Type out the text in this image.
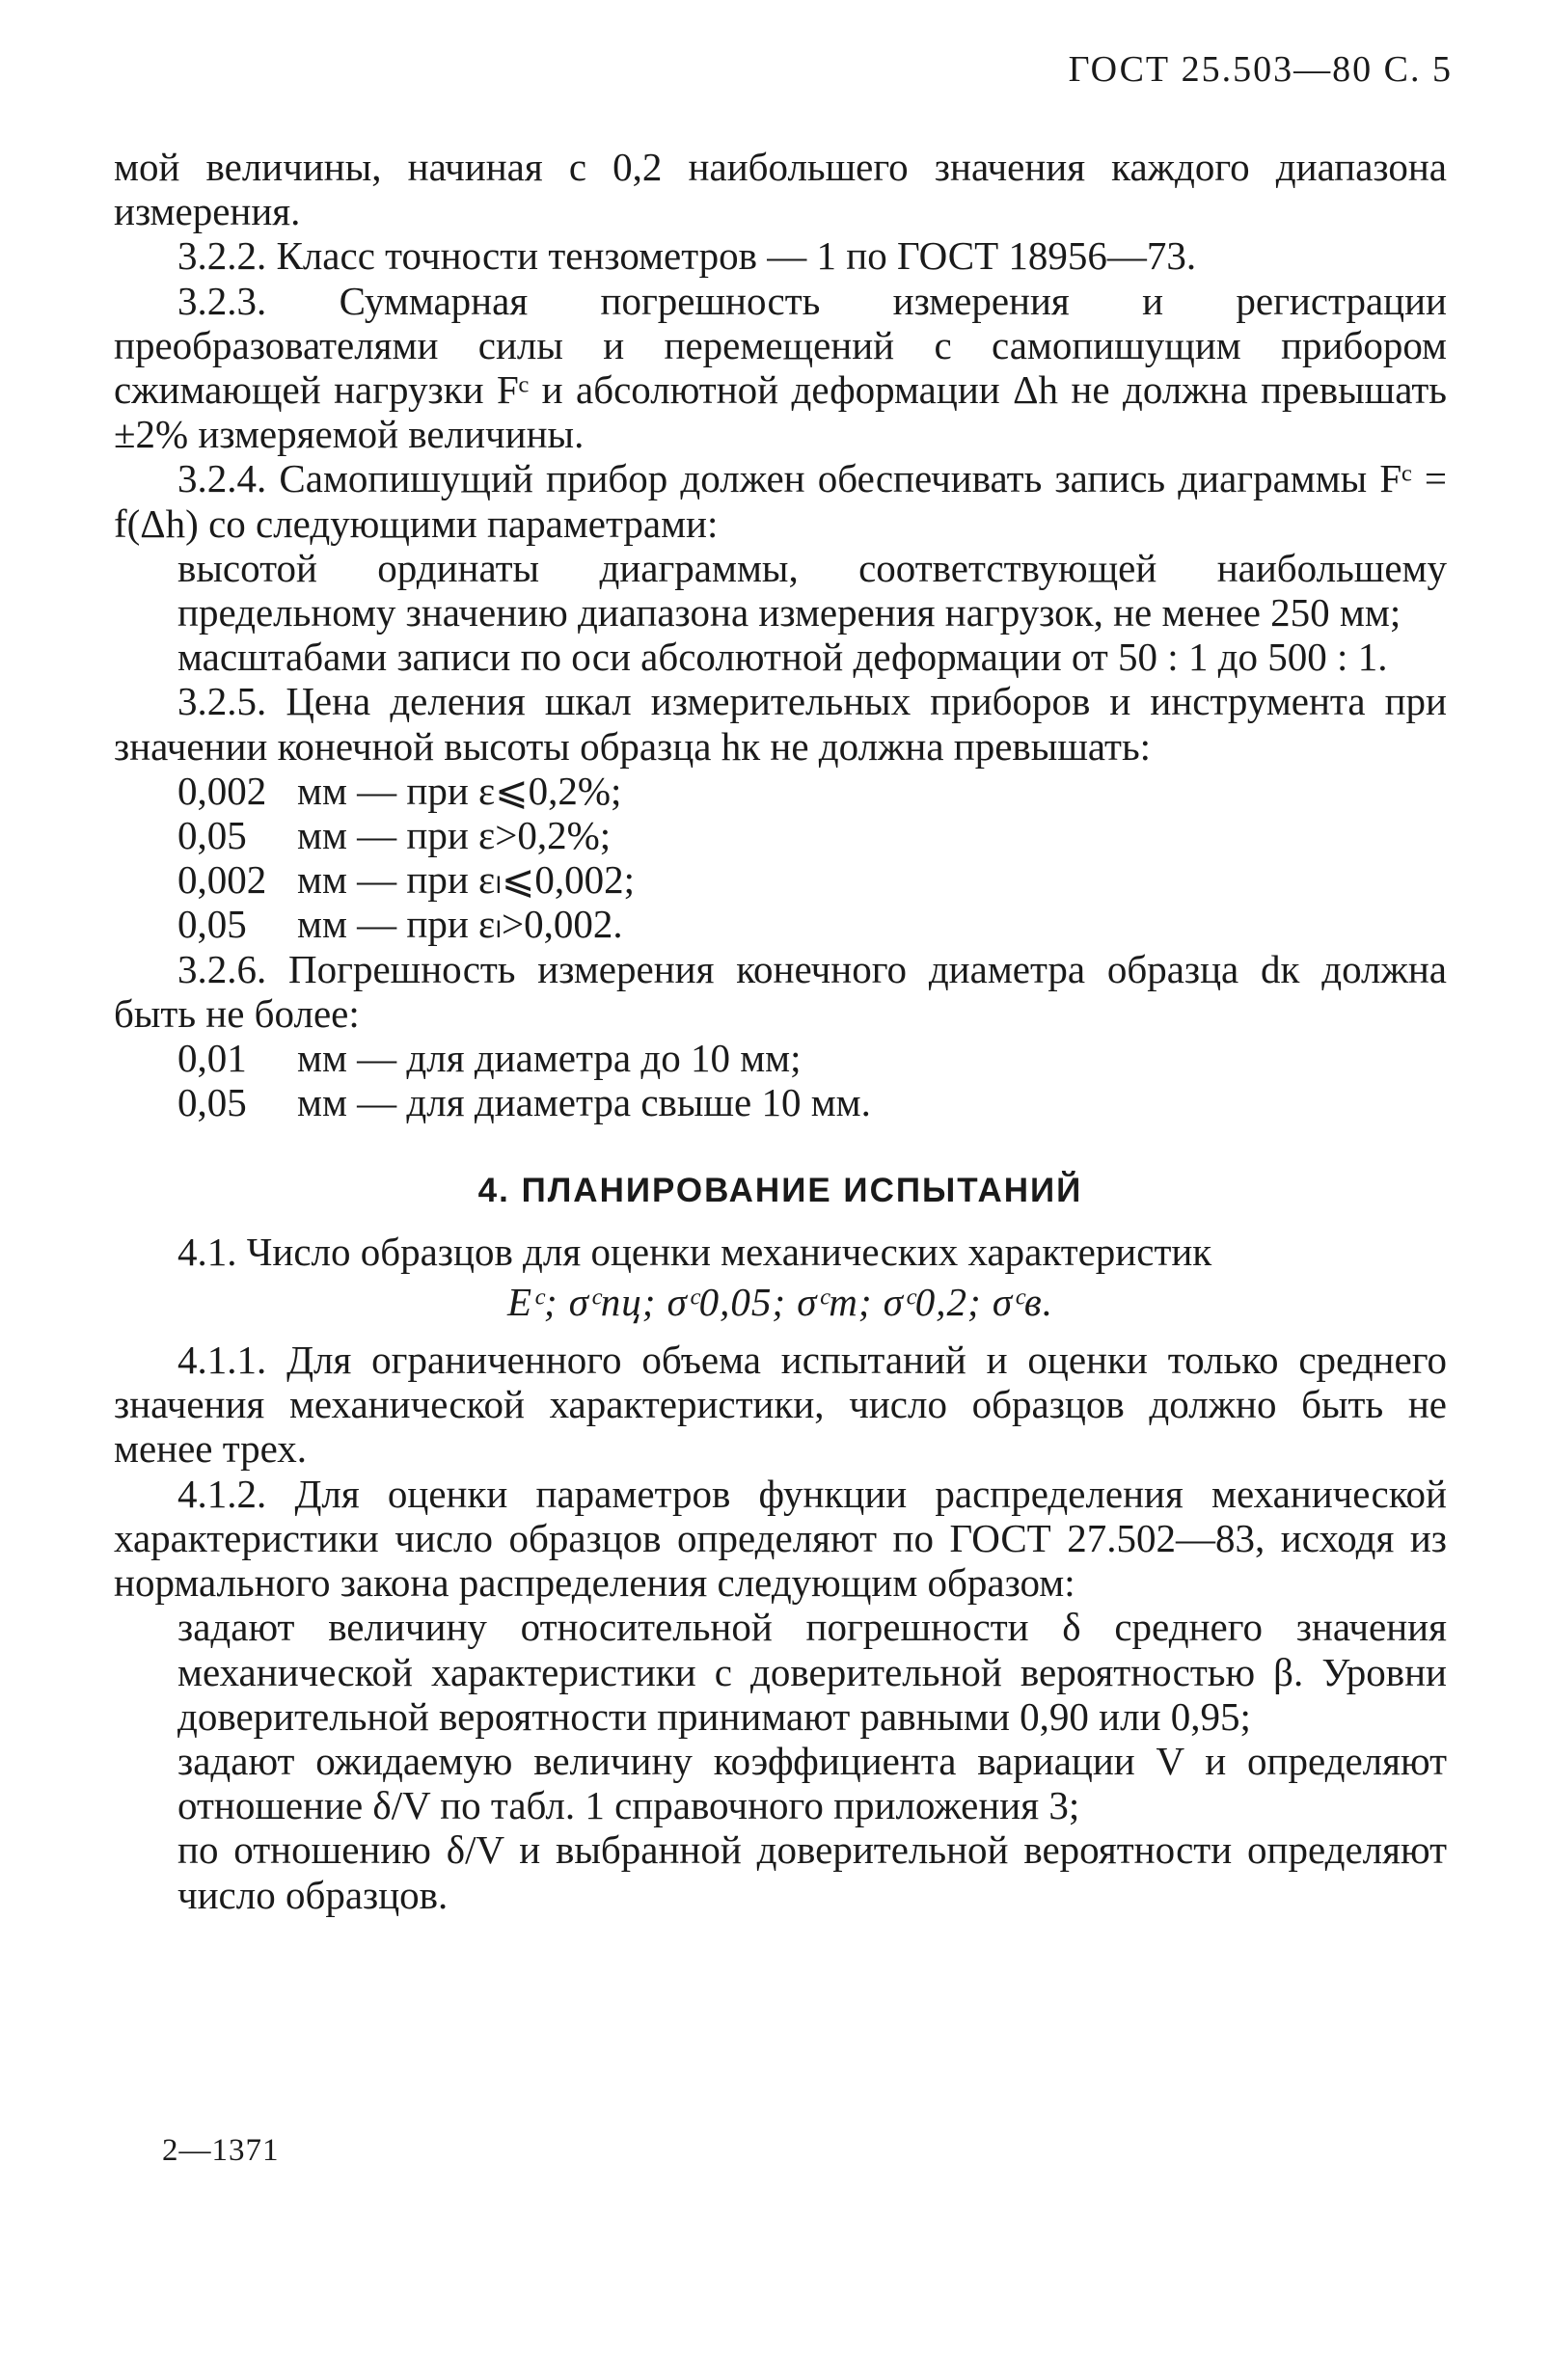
ГОСТ 25.503—80 С. 5

мой величины, начиная с 0,2 наибольшего значения каждого диапазона измерения.

3.2.2. Класс точности тензометров — 1 по ГОСТ 18956—73.

3.2.3. Суммарная погрешность измерения и регистрации преобразователями силы и перемещений с самопишущим прибором сжимающей нагрузки Fᶜ и абсолютной деформации Δh не должна превышать ±2% измеряемой величины.

3.2.4. Самопишущий прибор должен обеспечивать запись диаграммы Fᶜ = f(Δh) со следующими параметрами:

высотой ординаты диаграммы, соответствующей наибольшему предельному значению диапазона измерения нагрузок, не менее 250 мм;

масштабами записи по оси абсолютной деформации от 50 : 1 до 500 : 1.

3.2.5. Цена деления шкал измерительных приборов и инструмента при значении конечной высоты образца hк не должна превышать:

0,002 мм — при ε⩽0,2%;
0,05	мм — при ε>0,2%;
0,002 мм — при εₗ⩽0,002;
0,05	мм — при εₗ>0,002.

3.2.6. Погрешность измерения конечного диаметра образца dк должна быть не более:

0,01	мм — для диаметра до 10 мм;
0,05	мм — для диаметра свыше 10 мм.
4. ПЛАНИРОВАНИЕ ИСПЫТАНИЙ

4.1. Число образцов для оценки механических характеристик

Eᶜ; σᶜпц; σᶜ0,05; σᶜт; σᶜ0,2; σᶜв.

4.1.1. Для ограниченного объема испытаний и оценки только среднего значения механической характеристики, число образцов должно быть не менее трех.

4.1.2. Для оценки параметров функции распределения механической характеристики число образцов определяют по ГОСТ 27.502—83, исходя из нормального закона распределения следующим образом:

задают величину относительной погрешности δ среднего значения механической характеристики с доверительной вероятностью β. Уровни доверительной вероятности принимают равными 0,90 или 0,95;

задают ожидаемую величину коэффициента вариации V и определяют отношение δ/V по табл. 1 справочного приложения 3;

по отношению δ/V и выбранной доверительной вероятности определяют число образцов.

2—1371
